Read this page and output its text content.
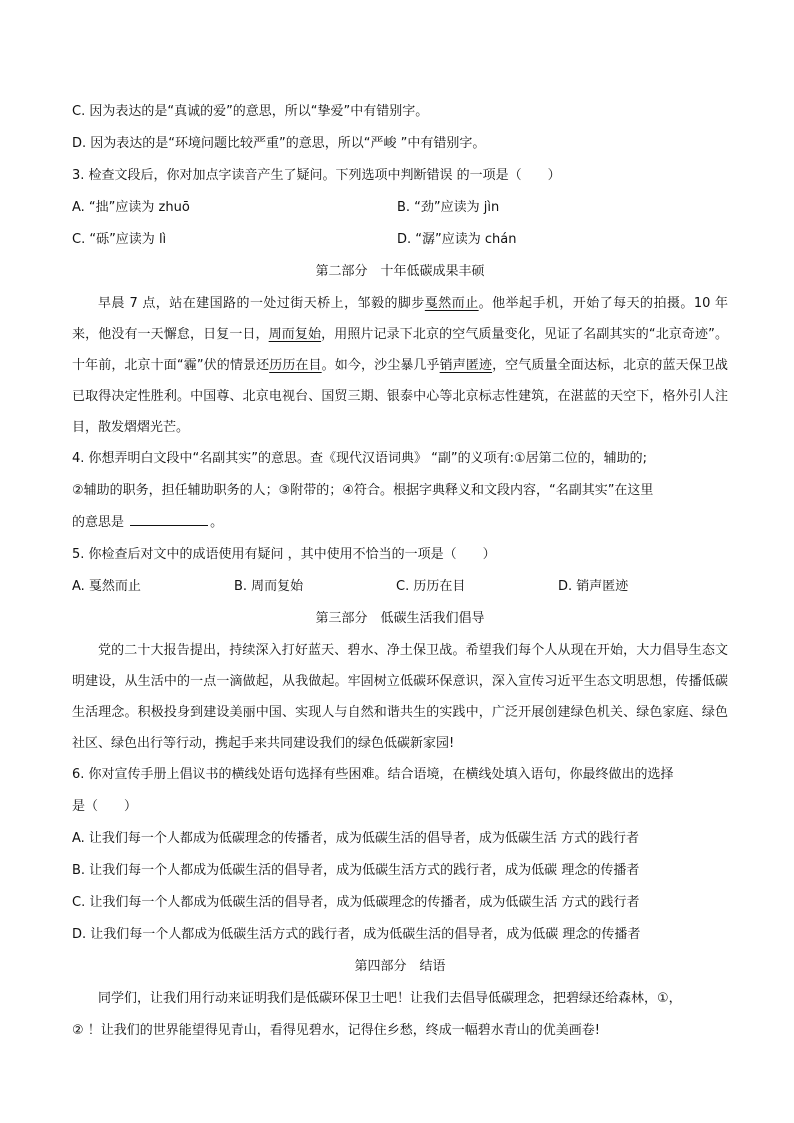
C. 因为表达的是“真诚的爱”的意思，所以“挚爱”中有错别字。
D. 因为表达的是“环境问题比较严重”的意思，所以“严峻 ”中有错别字。
3. 检查文段后，你对加点字读音产生了疑问。下列选项中判断错误 的一项是（　　）
A. “拙”应读为 zhuō	B. “劲”应读为 jìn
C. “砾”应读为 lì	D. “潺”应读为 chán
第二部分　十年低碳成果丰硕

早晨 7 点，站在建国路的一处过街天桥上，邹毅的脚步戛然而止。他举起手机，开始了每天的拍摄。10 年来，他没有一天懈怠，日复一日，周而复始，用照片记录下北京的空气质量变化，见证了名副其实的“北京奇迹”。十年前，北京十面“霾”伏的情景还历历在目。如今，沙尘暴几乎销声匿迹，空气质量全面达标，北京的蓝天保卫战已取得决定性胜利。中国尊、北京电视台、国贸三期、银泰中心等北京标志性建筑，在湛蓝的天空下，格外引人注目，散发熠熠光芒。

4. 你想弄明白文段中“名副其实”的意思。查《现代汉语词典》 “副”的义项有:①居第二位的，辅助的;
②辅助的职务，担任辅助职务的人；③附带的；④符合。根据字典释义和文段内容，“名副其实”在这里
的意思是	。
5. 你检查后对文中的成语使用有疑问 ，其中使用不恰当的一项是（　　）
A. 戛然而止	B. 周而复始	C. 历历在目	D. 销声匿迹
第三部分　低碳生活我们倡导

党的二十大报告提出，持续深入打好蓝天、碧水、净土保卫战。希望我们每个人从现在开始，大力倡导生态文明建设，从生活中的一点一滴做起，从我做起。牢固树立低碳环保意识，深入宣传习近平生态文明思想，传播低碳生活理念。积极投身到建设美丽中国、实现人与自然和谐共生的实践中，广泛开展创建绿色机关、绿色家庭、绿色社区、绿色出行等行动，携起手来共同建设我们的绿色低碳新家园!

6. 你对宣传手册上倡议书的横线处语句选择有些困难。结合语境，在横线处填入语句，你最终做出的选择
是（　　）
A. 让我们每一个人都成为低碳理念的传播者，成为低碳生活的倡导者，成为低碳生活 方式的践行者
B. 让我们每一个人都成为低碳生活的倡导者，成为低碳生活方式的践行者，成为低碳 理念的传播者
C. 让我们每一个人都成为低碳生活的倡导者，成为低碳理念的传播者，成为低碳生活 方式的践行者
D. 让我们每一个人都成为低碳生活方式的践行者，成为低碳生活的倡导者，成为低碳 理念的传播者
第四部分　结语
同学们，让我们用行动来证明我们是低碳环保卫士吧！让我们去倡导低碳理念，把碧绿还给森林，①，
② ！让我们的世界能望得见青山，看得见碧水，记得住乡愁，终成一幅碧水青山的优美画卷!
